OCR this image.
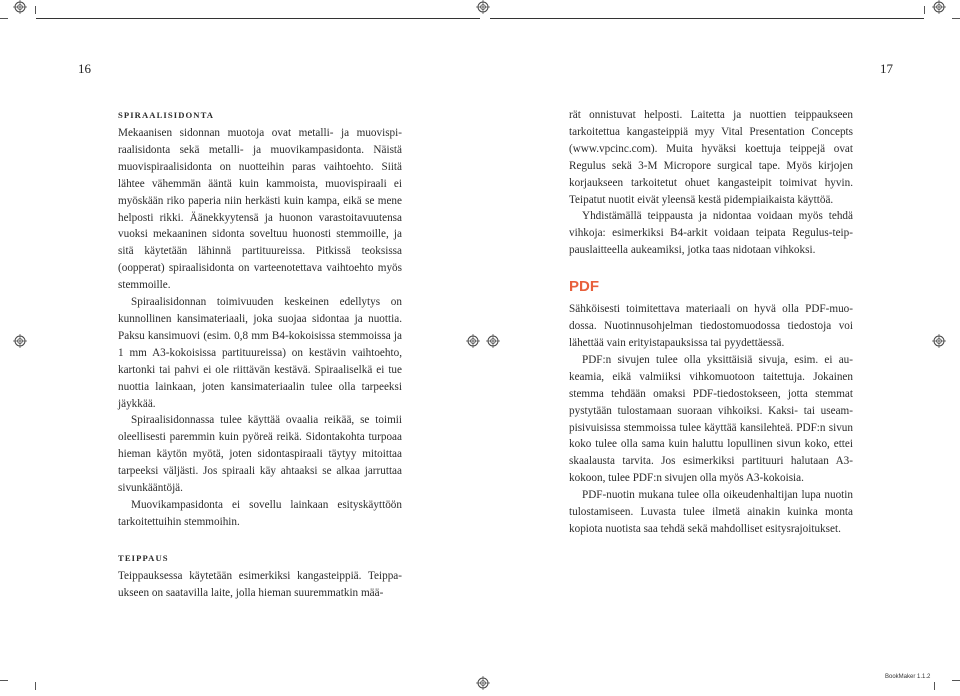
16	17
SPIRAALISIDONTA

Mekaanisen sidonnan muotoja ovat metalli- ja muovispiraalisidonta sekä metalli- ja muovikampasidonta. Näistä muovispiraalisidonta on nuotteihin paras vaihtoehto. Siitä lähtee vähemmän ääntä kuin kammoista, muovispiraali ei myöskään riko paperia niin herkästi kuin kampa, eikä se mene helposti rikki. Äänekkyytensä ja huonon varastoitavuutensa vuoksi mekaaninen sidonta soveltuu huonosti stemmoille, ja sitä käytetään lähinnä partituureissa. Pitkissä teoksissa (oopperat) spiraalisidonta on varteenotettava vaihtoehto myös stemmoille.

Spiraalisidonnan toimivuuden keskeinen edellytys on kunnollinen kansimateriaali, joka suojaa sidontaa ja nuottia. Paksu kansimuovi (esim. 0,8 mm B4-kokoisissa stemmoissa ja 1 mm A3-kokoisissa partituureissa) on kestävin vaihtoehto, kartonki tai pahvi ei ole riittävän kestävä. Spiraaliselkä ei tue nuottia lainkaan, joten kansimateriaalin tulee olla tarpeeksi jäykkää.

Spiraalisidonnassa tulee käyttää ovaalia reikää, se toimii oleellisesti paremmin kuin pyöreä reikä. Sidontakohta turpoaa hieman käytön myötä, joten sidontaspiraali täytyy mitoittaa tarpeeksi väljästi. Jos spiraali käy ahtaaksi se alkaa jarruttaa sivunkääntöjä.

Muovikampasidonta ei sovellu lainkaan esityskäyttöön tarkoitettuihin stemmoihin.

TEIPPAUS

Teippauksessa käytetään esimerkiksi kangasteippiä. Teippaukseen on saatavilla laite, jolla hieman suuremmatkin mää-

rät onnistuvat helposti. Laitetta ja nuottien teippaukseen tarkoitettua kangasteippiä myy Vital Presentation Concepts (www.vpcinc.com). Muita hyväksi koettuja teippejä ovat Regulus sekä 3-M Micropore surgical tape. Myös kirjojen korjaukseen tarkoitetut ohuet kangasteipit toimivat hyvin. Teipatut nuotit eivät yleensä kestä pidempiaikaista käyttöä.

Yhdistämällä teippausta ja nidontaa voidaan myös tehdä vihkoja: esimerkiksi B4-arkit voidaan teipata Regulus-teippauslaitteella aukeamiksi, jotka taas nidotaan vihkoksi.

PDF

Sähköisesti toimitettava materiaali on hyvä olla PDF-muodossa. Nuotinnusohjelman tiedostomuodossa tiedostoja voi lähettää vain erityistapauksissa tai pyydettäessä.

PDF:n sivujen tulee olla yksittäisiä sivuja, esim. ei aukeamia, eikä valmiiksi vihkomuotoon taitettuja. Jokainen stemma tehdään omaksi PDF-tiedostokseen, jotta stemmat pystytään tulostamaan suoraan vihkoiksi. Kaksi- tai useampisivuisissa stemmoissa tulee käyttää kansilehteä. PDF:n sivun koko tulee olla sama kuin haluttu lopullinen sivun koko, ettei skaalausta tarvita. Jos esimerkiksi partituuri halutaan A3-kokoon, tulee PDF:n sivujen olla myös A3-kokoisia.

PDF-nuotin mukana tulee olla oikeudenhaltijan lupa nuotin tulostamiseen. Luvasta tulee ilmetä ainakin kuinka monta kopiota nuotista saa tehdä sekä mahdolliset esitysrajoitukset.

BookMaker 1.1.2
